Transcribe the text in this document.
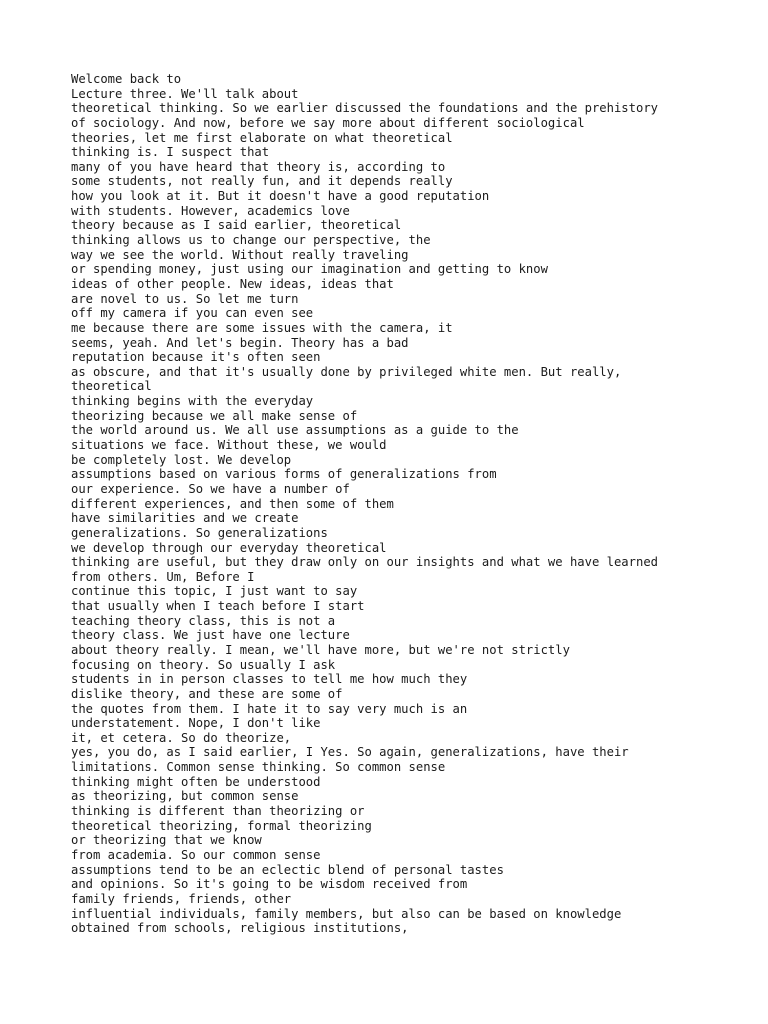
Welcome back to
Lecture three. We'll talk about
theoretical thinking. So we earlier discussed the foundations and the prehistory
of sociology. And now, before we say more about different sociological
theories, let me first elaborate on what theoretical
thinking is. I suspect that
many of you have heard that theory is, according to
some students, not really fun, and it depends really
how you look at it. But it doesn't have a good reputation
with students. However, academics love
theory because as I said earlier, theoretical
thinking allows us to change our perspective, the
way we see the world. Without really traveling
or spending money, just using our imagination and getting to know
ideas of other people. New ideas, ideas that
are novel to us. So let me turn
off my camera if you can even see
me because there are some issues with the camera, it
seems, yeah. And let's begin. Theory has a bad
reputation because it's often seen
as obscure, and that it's usually done by privileged white men. But really,
theoretical
thinking begins with the everyday
theorizing because we all make sense of
the world around us. We all use assumptions as a guide to the
situations we face. Without these, we would
be completely lost. We develop
assumptions based on various forms of generalizations from
our experience. So we have a number of
different experiences, and then some of them
have similarities and we create
generalizations. So generalizations
we develop through our everyday theoretical
thinking are useful, but they draw only on our insights and what we have learned
from others. Um, Before I
continue this topic, I just want to say
that usually when I teach before I start
teaching theory class, this is not a
theory class. We just have one lecture
about theory really. I mean, we'll have more, but we're not strictly
focusing on theory. So usually I ask
students in in person classes to tell me how much they
dislike theory, and these are some of
the quotes from them. I hate it to say very much is an
understatement. Nope, I don't like
it, et cetera. So do theorize,
yes, you do, as I said earlier, I Yes. So again, generalizations, have their
limitations. Common sense thinking. So common sense
thinking might often be understood
as theorizing, but common sense
thinking is different than theorizing or
theoretical theorizing, formal theorizing
or theorizing that we know
from academia. So our common sense
assumptions tend to be an eclectic blend of personal tastes
and opinions. So it's going to be wisdom received from
family friends, friends, other
influential individuals, family members, but also can be based on knowledge
obtained from schools, religious institutions,
